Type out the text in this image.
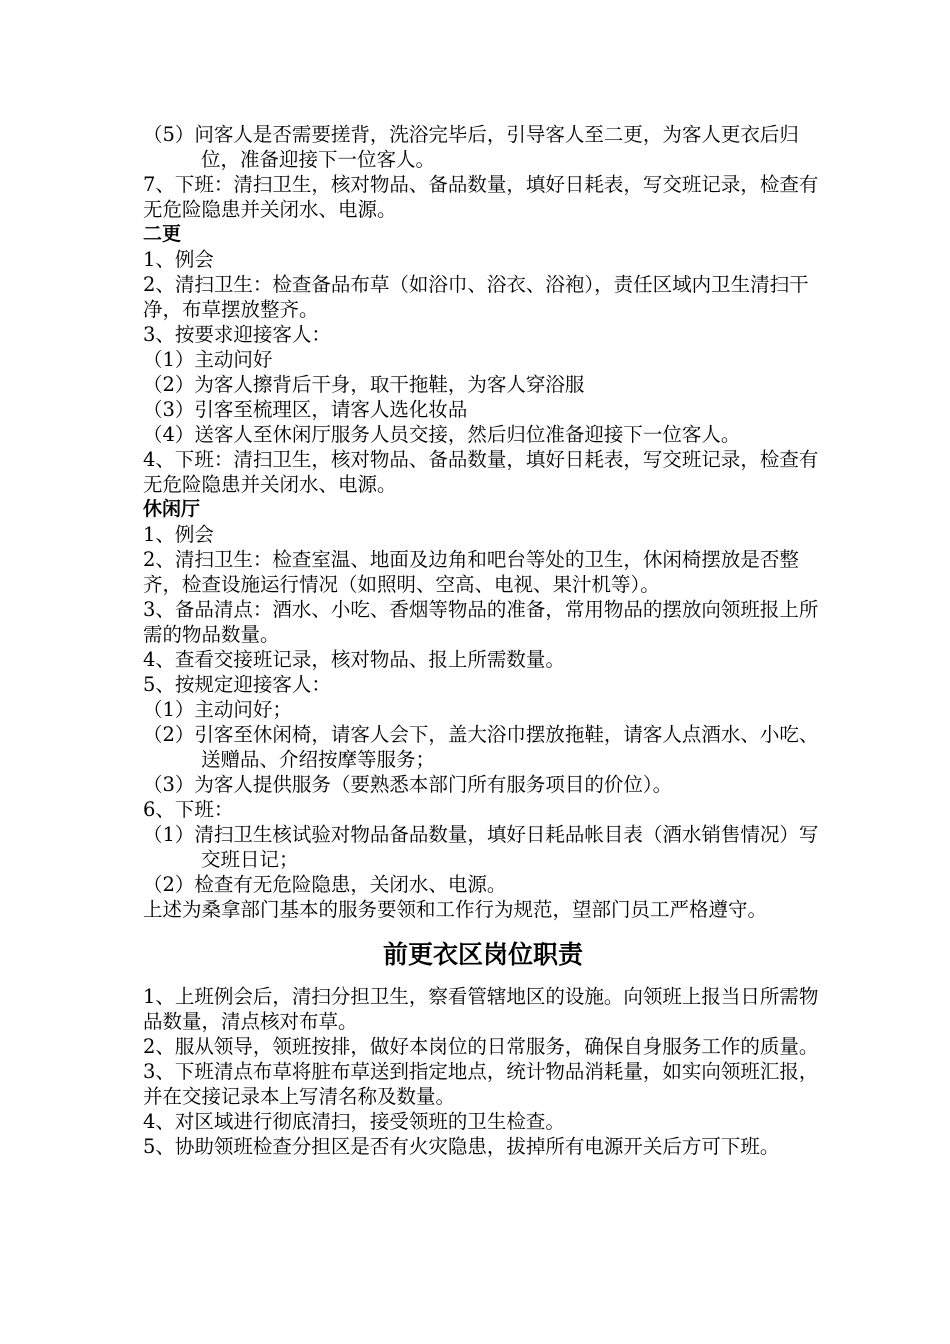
（5）问客人是否需要搓背，洗浴完毕后，引导客人至二更，为客人更衣后归位，准备迎接下一位客人。

7、下班：清扫卫生，核对物品、备品数量，填好日耗表，写交班记录，检查有无危险隐患并关闭水、电源。

二更

1、例会

2、清扫卫生：检查备品布草（如浴巾、浴衣、浴袍），责任区域内卫生清扫干净，布草摆放整齐。

3、按要求迎接客人：

（1）主动问好

（2）为客人擦背后干身，取干拖鞋，为客人穿浴服

（3）引客至梳理区，请客人选化妆品

（4）送客人至休闲厅服务人员交接，然后归位准备迎接下一位客人。

4、下班：清扫卫生，核对物品、备品数量，填好日耗表，写交班记录，检查有无危险隐患并关闭水、电源。

休闲厅

1、例会

2、清扫卫生：检查室温、地面及边角和吧台等处的卫生，休闲椅摆放是否整齐，检查设施运行情况（如照明、空高、电视、果汁机等）。

3、备品清点：酒水、小吃、香烟等物品的准备，常用物品的摆放向领班报上所需的物品数量。

4、查看交接班记录，核对物品、报上所需数量。

5、按规定迎接客人：

（1）主动问好；

（2）引客至休闲椅，请客人会下，盖大浴巾摆放拖鞋，请客人点酒水、小吃、送赠品、介绍按摩等服务；

（3）为客人提供服务（要熟悉本部门所有服务项目的价位）。

6、下班：

（1）清扫卫生核试验对物品备品数量，填好日耗品帐目表（酒水销售情况）写交班日记；

（2）检查有无危险隐患，关闭水、电源。

上述为桑拿部门基本的服务要领和工作行为规范，望部门员工严格遵守。

前更衣区岗位职责

1、上班例会后，清扫分担卫生，察看管辖地区的设施。向领班上报当日所需物品数量，清点核对布草。

2、服从领导，领班按排，做好本岗位的日常服务，确保自身服务工作的质量。

3、下班清点布草将脏布草送到指定地点，统计物品消耗量，如实向领班汇报，并在交接记录本上写清名称及数量。

4、对区域进行彻底清扫，接受领班的卫生检查。

5、协助领班检查分担区是否有火灾隐患，拔掉所有电源开关后方可下班。
